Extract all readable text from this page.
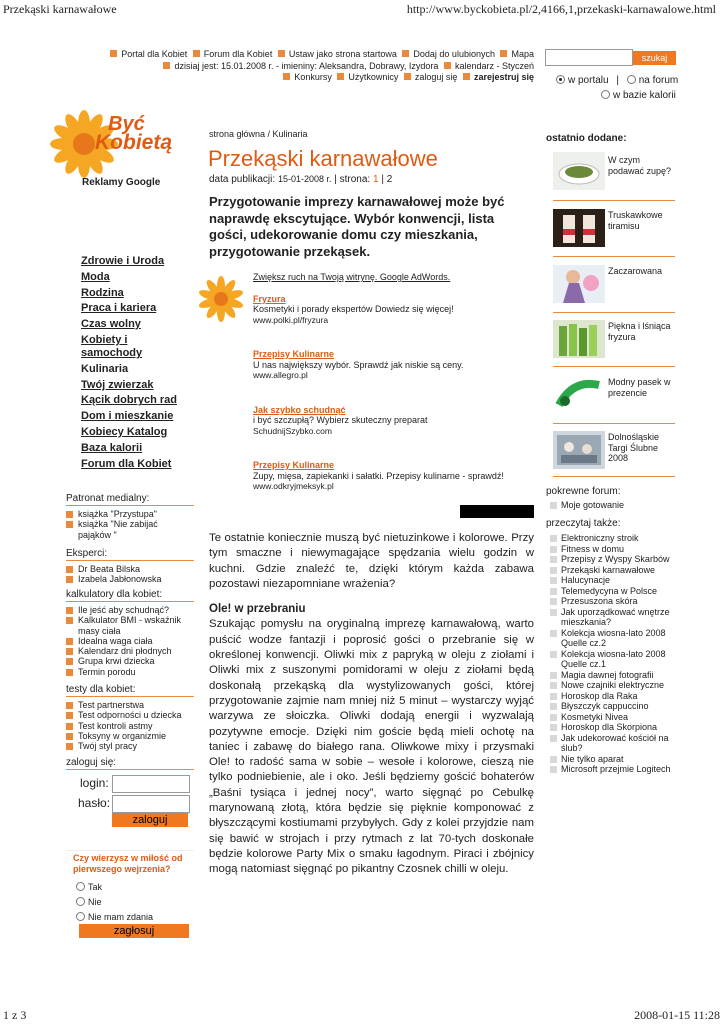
Przekąski karnawałowe	http://www.byckobieta.pl/2,4166,1,przekaski-karnawalowe.html
1 z 3	2008-01-15 11:28
Portal dla Kobiet Forum dla Kobiet Ustaw jako strona startowa Dodaj do ulubionych Mapa
dzisiaj jest: 15.01.2008 r. - imieniny: Aleksandra, Dobrawy, Izydora kalendarz - Styczeń
Konkursy Użytkownicy zaloguj się zarejestruj się
szukaj
w portalu | na forum
w bazie kalorii
Być
Kobietą
Reklamy Google
Zdrowie i Uroda
Moda
Rodzina
Praca i kariera
Czas wolny
Kobiety i samochody
Kulinaria
Twój zwierzak
Kącik dobrych rad
Dom i mieszkanie
Kobiecy Katalog
Baza kalorii
Forum dla Kobiet
Patronat medialny:
książka "Przystupa"
książka "Nie zabijać pająków "
Eksperci:
Dr Beata Bilska
Izabela Jabłonowska
kalkulatory dla kobiet:
Ile jeść aby schudnąć?
Kalkulator BMI - wskaźnik masy ciała
Idealna waga ciała
Kalendarz dni płodnych
Grupa krwi dziecka
Termin porodu
testy dla kobiet:
Test partnerstwa
Test odporności u dziecka
Test kontroli astmy
Toksyny w organizmie
Twój styl pracy
zaloguj się:
login:
hasło:
zaloguj
Czy wierzysz w miłość od pierwszego wejrzenia?
Tak
Nie
Nie mam zdania
zagłosuj
strona główna / Kulinaria
Przekąski karnawałowe
data publikacji: 15-01-2008 r. | strona: 1 | 2
Przygotowanie imprezy karnawałowej może być naprawdę ekscytujące. Wybór konwencji, lista gości, udekorowanie domu czy mieszkania, przygotowanie przekąsek.
Zwiększ ruch na Twoją witrynę. Google AdWords.
Fryzura
Kosmetyki i porady ekspertów Dowiedz się więcej!
www.polki.pl/fryzura
Przepisy Kulinarne
U nas największy wybór. Sprawdź jak niskie są ceny.
www.allegro.pl
Jak szybko schudnąć
i być szczupłą? Wybierz skuteczny preparat
SchudnijSzybko.com
Przepisy Kulinarne
Zupy, mięsa, zapiekanki i sałatki. Przepisy kulinarne - sprawdź!
www.odkryjmeksyk.pl

Te ostatnie koniecznie muszą być nietuzinkowe i kolorowe. Przy tym smaczne i niewymagające spędzania wielu godzin w kuchni. Gdzie znaleźć te, dzięki którym każda zabawa pozostawi niezapomniane wrażenia?

Ole! w przebraniu

Szukając pomysłu na oryginalną imprezę karnawałową, warto puścić wodze fantazji i poprosić gości o przebranie się w określonej konwencji. Oliwki mix z papryką w oleju z ziołami i Oliwki mix z suszonymi pomidorami w oleju z ziołami będą doskonałą przekąską dla wystylizowanych gości, której przygotowanie zajmie nam mniej niż 5 minut – wystarczy wyjąć warzywa ze słoiczka. Oliwki dodają energii i wyzwalają pozytywne emocje. Dzięki nim goście będą mieli ochotę na taniec i zabawę do białego rana. Oliwkowe mixy i przysmaki Ole! to radość sama w sobie – wesołe i kolorowe, cieszą nie tylko podniebienie, ale i oko. Jeśli będziemy gościć bohaterów „Baśni tysiąca i jednej nocy”, warto sięgnąć po Cebulkę marynowaną złotą, która będzie się pięknie komponować z błyszczącymi kostiumami przybyłych. Gdy z kolei przyjdzie nam się bawić w strojach i przy rytmach z lat 70-tych doskonałe będzie kolorowe Party Mix o smaku łagodnym. Piraci i zbójnicy mogą natomiast sięgnąć po pikantny Czosnek chilli w oleju.

ostatnio dodane:
W czym podawać zupę?
Truskawkowe tiramisu
Zaczarowana
Piękna i lśniąca fryzura
Modny pasek w prezencie
Dolnośląskie Targi Ślubne 2008
pokrewne forum:
Moje gotowanie
przeczytaj także:
Elektroniczny stroik
Fitness w domu
Przepisy z Wyspy Skarbów
Przekąski karnawałowe
Halucynacje
Telemedycyna w Polsce
Przesuszona skóra
Jak uporządkować wnętrze mieszkania?
Kolekcja wiosna-lato 2008 Quelle cz.2
Kolekcja wiosna-lato 2008 Quelle cz.1
Magia dawnej fotografii
Nowe czajniki elektryczne
Horoskop dla Raka
Błyszczyk cappuccino
Kosmetyki Nivea
Horoskop dla Skorpiona
Jak udekorować kościół na ślub?
Nie tylko aparat
Microsoft przejmie Logitech
